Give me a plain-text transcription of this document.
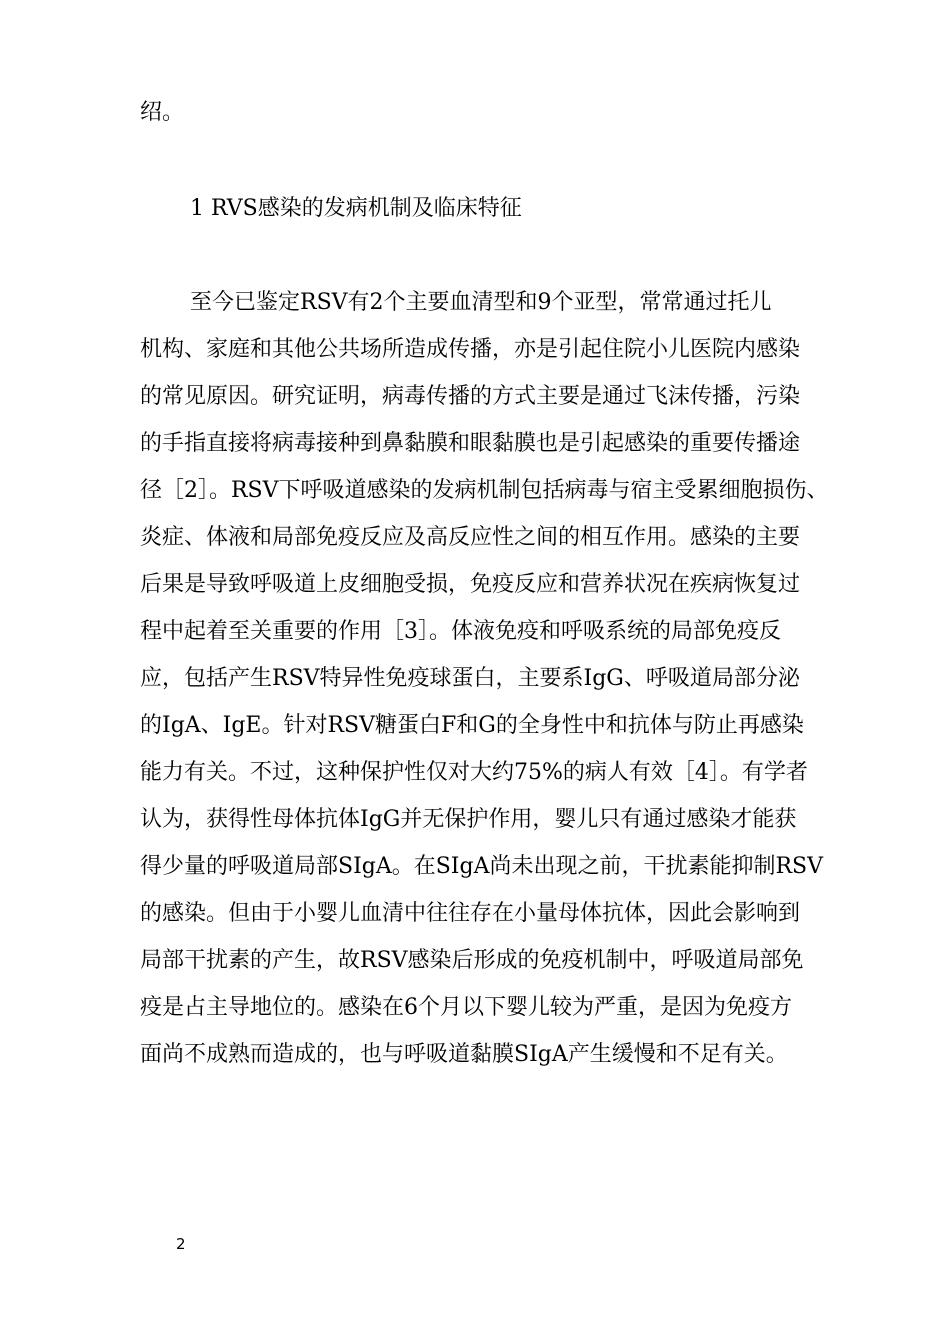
绍。
1 RVS感染的发病机制及临床特征
至今已鉴定RSV有2个主要血清型和9个亚型，常常通过托儿
机构、家庭和其他公共场所造成传播，亦是引起住院小儿医院内感染
的常见原因。研究证明，病毒传播的方式主要是通过飞沫传播，污染
的手指直接将病毒接种到鼻黏膜和眼黏膜也是引起感染的重要传播途
径［2］。RSV下呼吸道感染的发病机制包括病毒与宿主受累细胞损伤、
炎症、体液和局部免疫反应及高反应性之间的相互作用。感染的主要
后果是导致呼吸道上皮细胞受损，免疫反应和营养状况在疾病恢复过
程中起着至关重要的作用［3］。体液免疫和呼吸系统的局部免疫反
应，包括产生RSV特异性免疫球蛋白，主要系IgG、呼吸道局部分泌
的IgA、IgE。针对RSV糖蛋白F和G的全身性中和抗体与防止再感染
能力有关。不过，这种保护性仅对大约75%的病人有效［4］。有学者
认为，获得性母体抗体IgG并无保护作用，婴儿只有通过感染才能获
得少量的呼吸道局部SIgA。在SIgA尚未出现之前，干扰素能抑制RSV
的感染。但由于小婴儿血清中往往存在小量母体抗体，因此会影响到
局部干扰素的产生，故RSV感染后形成的免疫机制中，呼吸道局部免
疫是占主导地位的。感染在6个月以下婴儿较为严重，是因为免疫方
面尚不成熟而造成的，也与呼吸道黏膜SIgA产生缓慢和不足有关。
2
